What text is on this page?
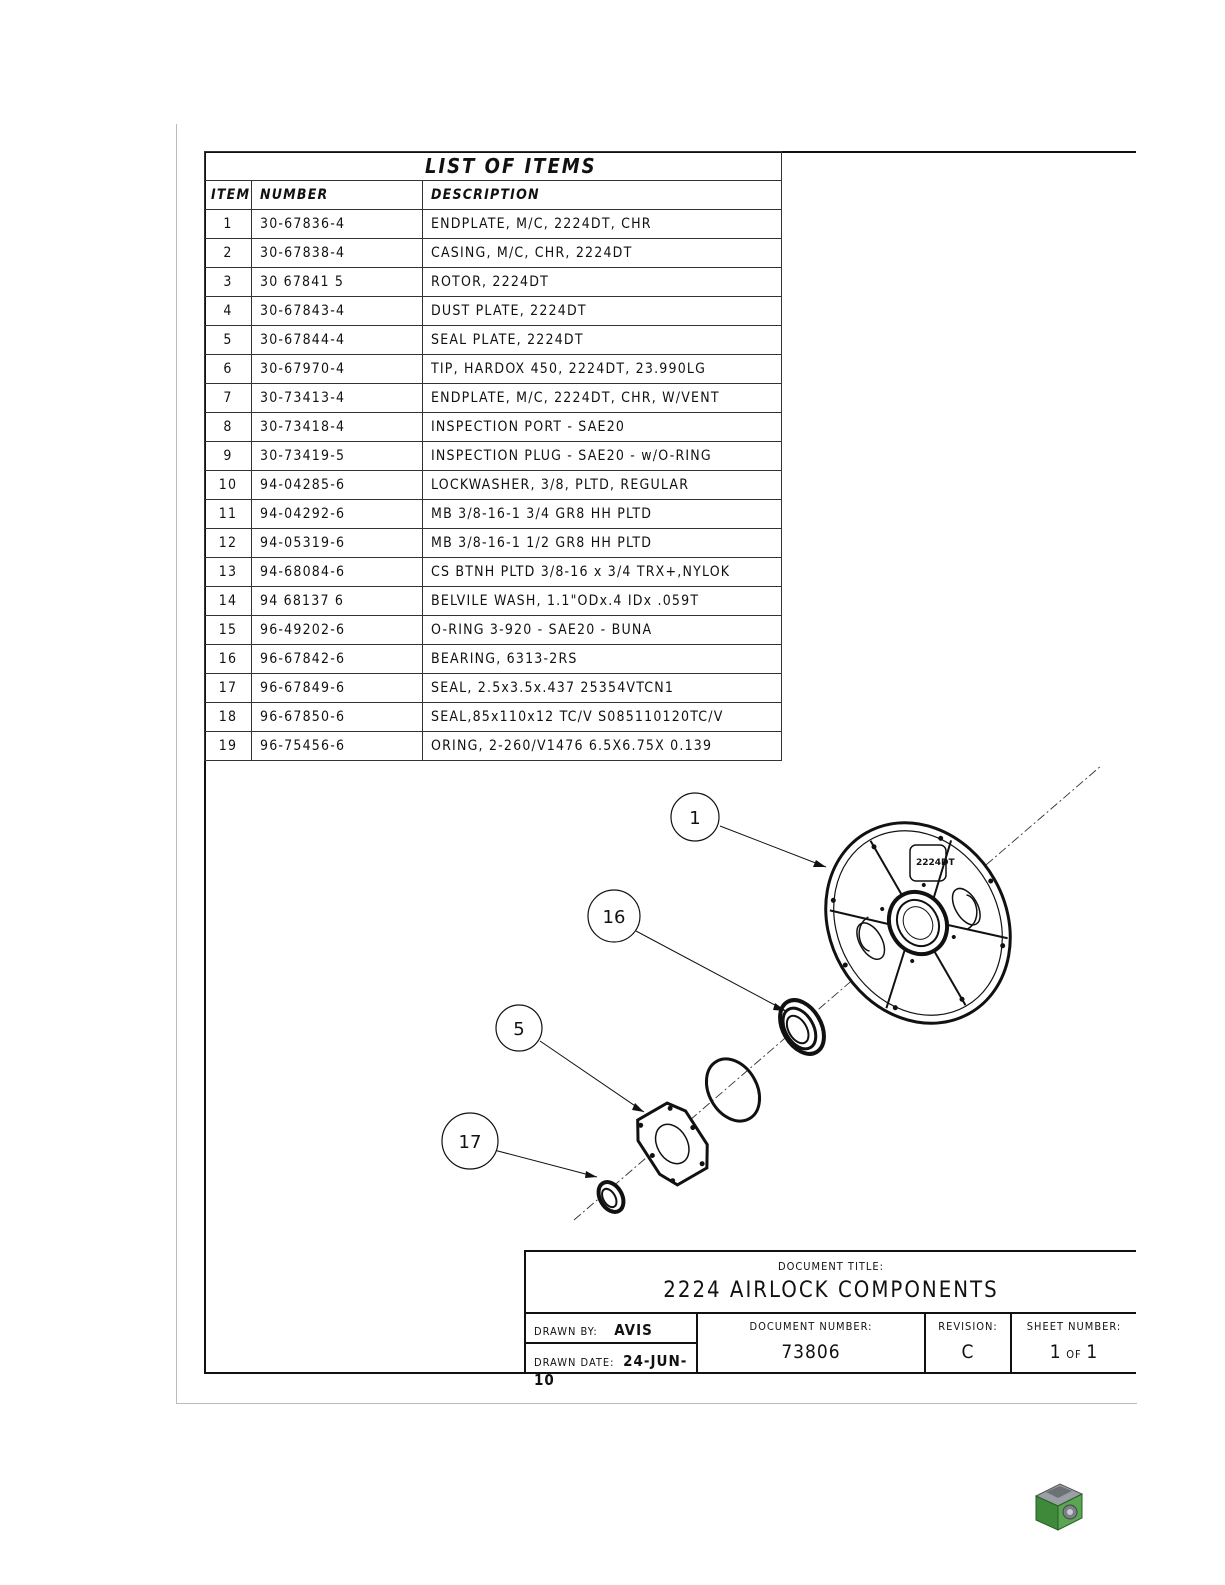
LIST OF ITEMS		
ITEM	NUMBER	DESCRIPTION
1	30-67836-4	ENDPLATE, M/C, 2224DT, CHR
2	30-67838-4	CASING, M/C, CHR, 2224DT
3	30 67841 5	ROTOR, 2224DT
4	30-67843-4	DUST PLATE, 2224DT
5	30-67844-4	SEAL PLATE, 2224DT
6	30-67970-4	TIP, HARDOX 450, 2224DT, 23.990LG
7	30-73413-4	ENDPLATE, M/C, 2224DT, CHR, W/VENT
8	30-73418-4	INSPECTION PORT - SAE20
9	30-73419-5	INSPECTION PLUG - SAE20 - w/O-RING
10	94-04285-6	LOCKWASHER, 3/8, PLTD, REGULAR
11	94-04292-6	MB 3/8-16-1 3/4 GR8 HH PLTD
12	94-05319-6	MB 3/8-16-1 1/2 GR8 HH PLTD
13	94-68084-6	CS BTNH PLTD 3/8-16 x 3/4 TRX+,NYLOK
14	94 68137 6	BELVILE WASH, 1.1"ODx.4 IDx .059T
15	96-49202-6	O-RING 3-920 - SAE20 - BUNA
16	96-67842-6	BEARING, 6313-2RS
17	96-67849-6	SEAL, 2.5x3.5x.437 25354VTCN1
18	96-67850-6	SEAL,85x110x12 TC/V S085110120TC/V
19	96-75456-6	ORING, 2-260/V1476 6.5X6.75X 0.139
2224DT
1
16
5
17
DOCUMENT TITLE:
2224 AIRLOCK COMPONENTS
DRAWN BY: AVIS
DRAWN DATE: 24-JUN-10
DOCUMENT NUMBER:
73806
REVISION:
C
SHEET NUMBER:
1 OF 1
